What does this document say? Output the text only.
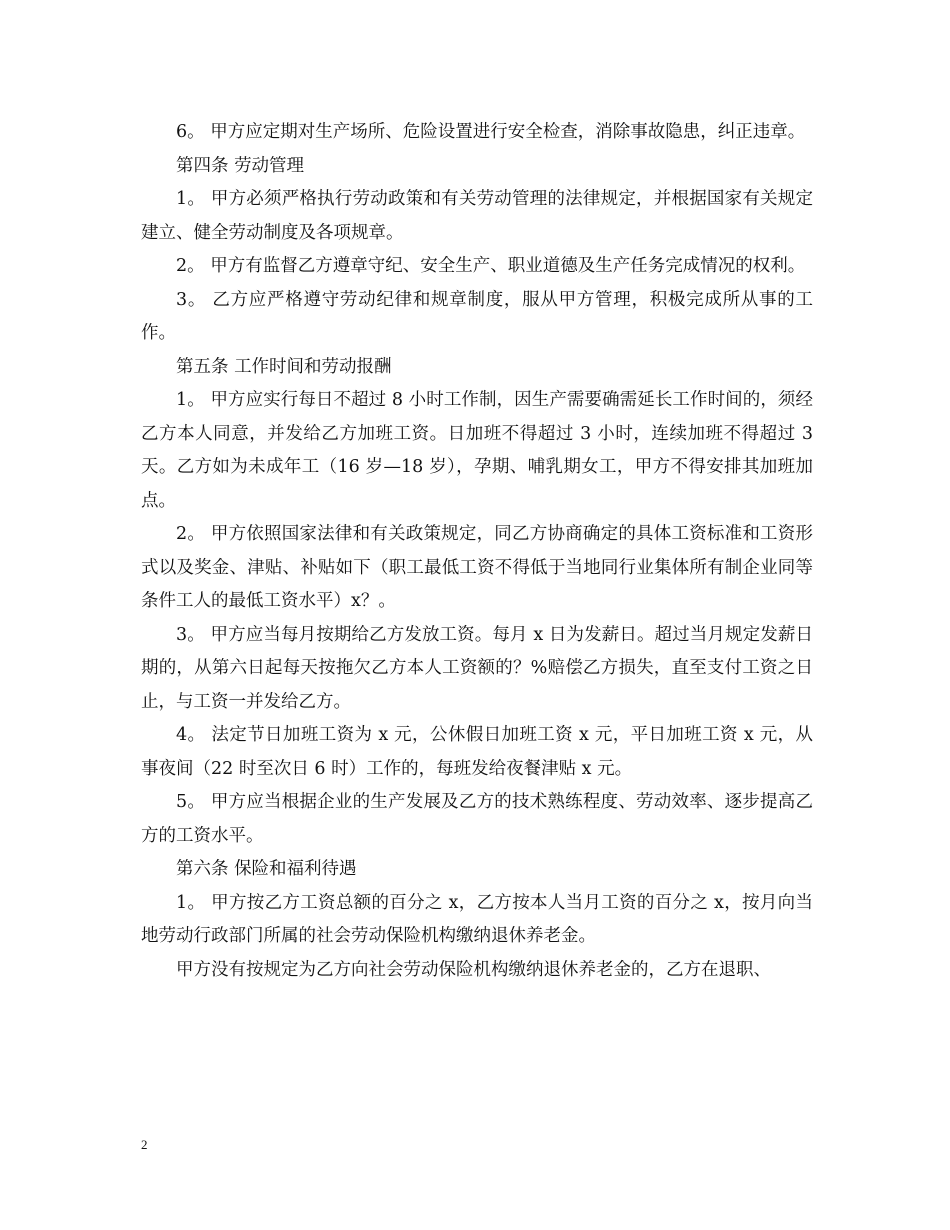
6。 甲方应定期对生产场所、危险设置进行安全检查，消除事故隐患，纠正违章。

第四条 劳动管理

1。 甲方必须严格执行劳动政策和有关劳动管理的法律规定，并根据国家有关规定建立、健全劳动制度及各项规章。

2。 甲方有监督乙方遵章守纪、安全生产、职业道德及生产任务完成情况的权利。

3。 乙方应严格遵守劳动纪律和规章制度，服从甲方管理，积极完成所从事的工作。

第五条 工作时间和劳动报酬

1。 甲方应实行每日不超过 8 小时工作制，因生产需要确需延长工作时间的，须经乙方本人同意，并发给乙方加班工资。日加班不得超过 3 小时，连续加班不得超过 3 天。乙方如为未成年工（16 岁—18 岁），孕期、哺乳期女工，甲方不得安排其加班加点。

2。 甲方依照国家法律和有关政策规定，同乙方协商确定的具体工资标准和工资形式以及奖金、津贴、补贴如下（职工最低工资不得低于当地同行业集体所有制企业同等条件工人的最低工资水平）x？。

3。 甲方应当每月按期给乙方发放工资。每月 x 日为发薪日。超过当月规定发薪日期的，从第六日起每天按拖欠乙方本人工资额的？%赔偿乙方损失，直至支付工资之日止，与工资一并发给乙方。

4。 法定节日加班工资为 x 元，公休假日加班工资 x 元，平日加班工资 x 元，从事夜间（22 时至次日 6 时）工作的，每班发给夜餐津贴 x 元。

5。 甲方应当根据企业的生产发展及乙方的技术熟练程度、劳动效率、逐步提高乙方的工资水平。

第六条 保险和福利待遇

1。 甲方按乙方工资总额的百分之 x，乙方按本人当月工资的百分之 x，按月向当地劳动行政部门所属的社会劳动保险机构缴纳退休养老金。

甲方没有按规定为乙方向社会劳动保险机构缴纳退休养老金的，乙方在退职、

2
